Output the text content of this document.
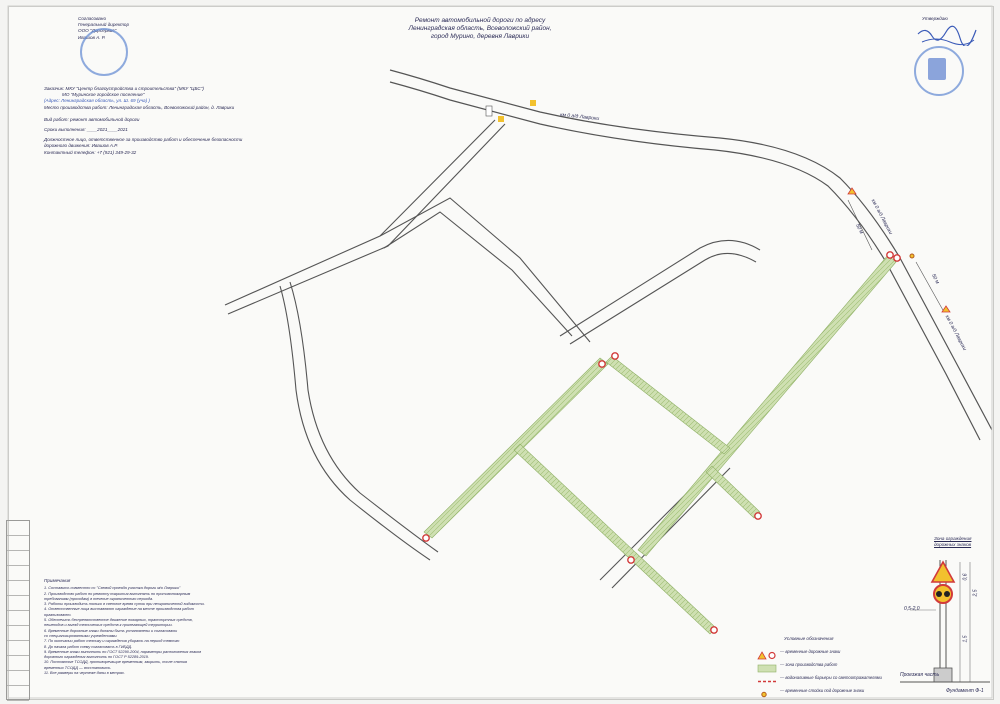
Ремонт автомобильной дороги по адресу
Ленинградская область, Всеволожский район,
город Мурино, деревня Лаврики
Согласовано
Генеральный директор
ООО "Дорсервис"
Ивашов А. Р.
Утверждаю
Заказчик: МКУ "Центр благоустройства и строительства" (МКУ "ЦБС")
МО "Муринское городское поселение"
(Адрес: Ленинградская область, ул. Ш. 69 (уча) )
Место производства работ: Ленинградская область, Всеволожский район, д. Лаврики
Вид работ: ремонт автомобильной дороги
Сроки выполнения: ____2021____2021
Должностное лицо, ответственное за производство работ и обеспечение безопасности
дорожного движения: Ивашов А.Р.
Контактный телефон: +7 (921) 349-29-32
км 0 а/д Лаврики
км 0 а/д Лаврики
км 0 а/д Лаврики
50 м
50 м
Примечания
1. Составить совместно со "Схемой проезда участка дороги м/о Лаврики"
2. Производство работ по ремонту покрытия выполнять по противопожарным
требованиям (проходам) в течение ограниченного периода.
3. Работы производить только в светлое время суток при неограниченной видимости.
4. Ответственные лица выставляют ограждение на месте производства работ
организованно.
5. Обеспечить беспрепятственное движение пожарных, транспортных средств,
пешеходов и выезд технических средств к прилегающей территории.
6. Временные дорожные знаки должны быть установлены и согласованы
со специализированными учреждениями.
7. По окончании работ технику и ограждения убирать на период темного
8. До начала работ схему согласовать в ГИБДД.
9. Временные знаки выполнить по ГОСТ 52290-2004, параметры расположения знаков
дорожного ограждения выполнить по ГОСТ Р 52289-2019.
10. Постоянные ТСОДД, противоречащие временным, закрыть, после снятия
временных ТСОДД — восстановить.
11. Все размеры на чертеже даны в метрах.
Условные обозначения
— временные дорожные знаки
— зона производства работ
— водоналивные барьеры со светоотражателями
— временные стойки под дорожные знаки
Зона ограждения
дорожных знаков
0,6
2,5
1,5
0,5-2,0
Проезжая часть
Фундамент Ф-1
